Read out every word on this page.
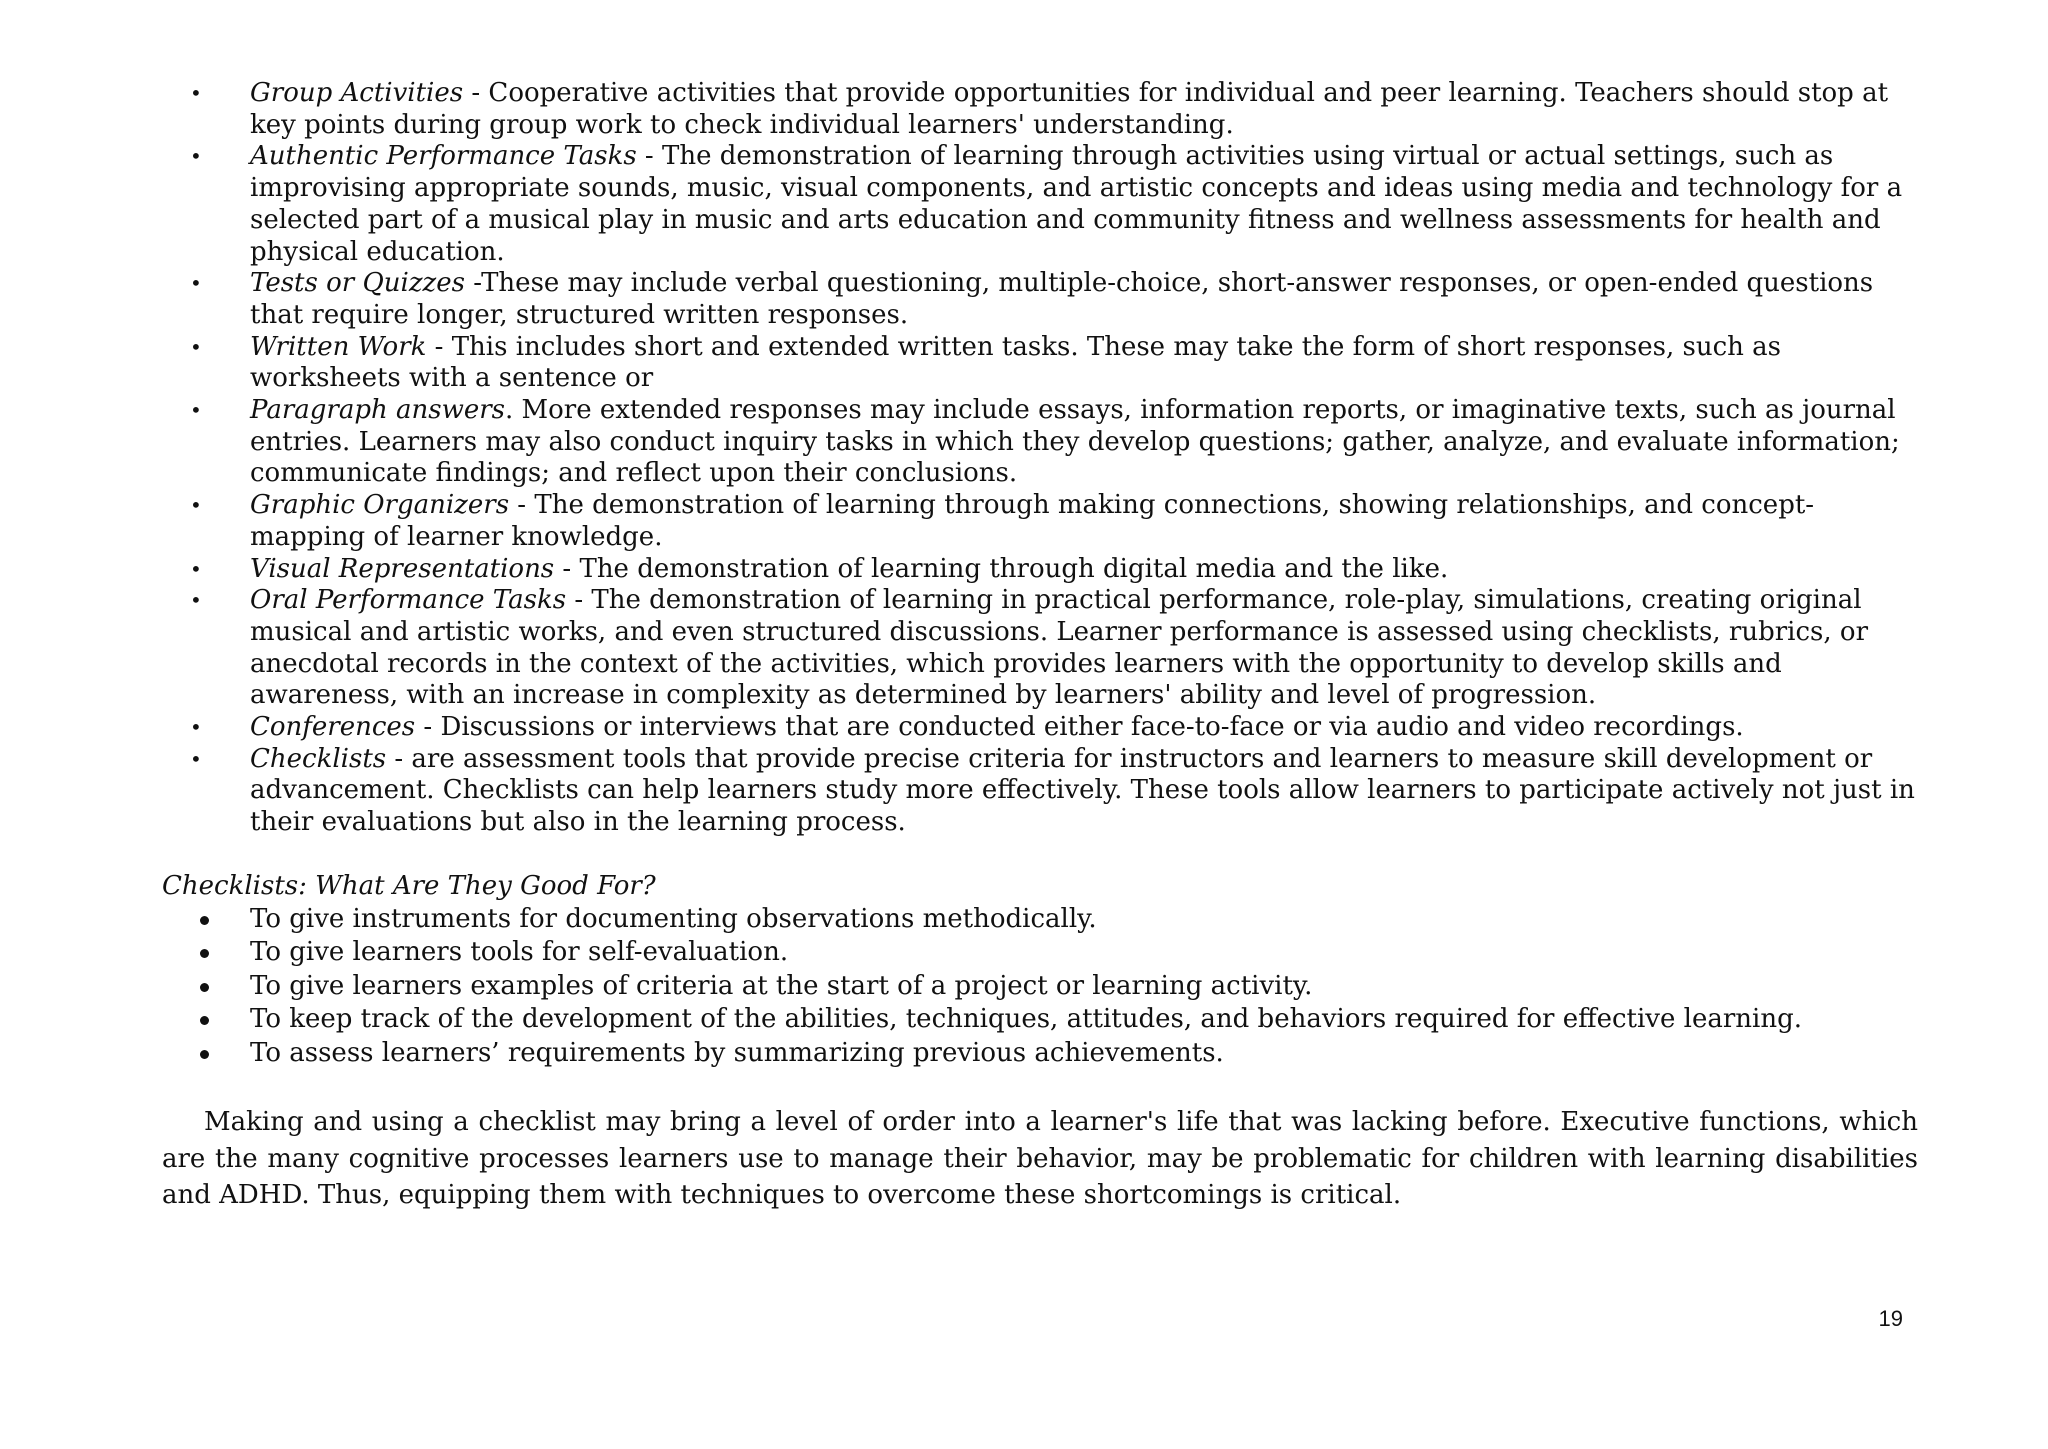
• Group Activities - Cooperative activities that provide opportunities for individual and peer learning. Teachers should stop at key points during group work to check individual learners' understanding.
• Authentic Performance Tasks - The demonstration of learning through activities using virtual or actual settings, such as improvising appropriate sounds, music, visual components, and artistic concepts and ideas using media and technology for a selected part of a musical play in music and arts education and community fitness and wellness assessments for health and physical education.
• Tests or Quizzes -These may include verbal questioning, multiple-choice, short-answer responses, or open-ended questions that require longer, structured written responses.
• Written Work - This includes short and extended written tasks. These may take the form of short responses, such as worksheets with a sentence or
• Paragraph answers. More extended responses may include essays, information reports, or imaginative texts, such as journal entries. Learners may also conduct inquiry tasks in which they develop questions; gather, analyze, and evaluate information; communicate findings; and reflect upon their conclusions.
• Graphic Organizers - The demonstration of learning through making connections, showing relationships, and concept-mapping of learner knowledge.
• Visual Representations - The demonstration of learning through digital media and the like.
• Oral Performance Tasks - The demonstration of learning in practical performance, role-play, simulations, creating original musical and artistic works, and even structured discussions. Learner performance is assessed using checklists, rubrics, or anecdotal records in the context of the activities, which provides learners with the opportunity to develop skills and awareness, with an increase in complexity as determined by learners' ability and level of progression.
• Conferences - Discussions or interviews that are conducted either face-to-face or via audio and video recordings.
• Checklists - are assessment tools that provide precise criteria for instructors and learners to measure skill development or advancement. Checklists can help learners study more effectively. These tools allow learners to participate actively not just in their evaluations but also in the learning process.
Checklists: What Are They Good For?
To give instruments for documenting observations methodically.
To give learners tools for self-evaluation.
To give learners examples of criteria at the start of a project or learning activity.
To keep track of the development of the abilities, techniques, attitudes, and behaviors required for effective learning.
To assess learners’ requirements by summarizing previous achievements.

Making and using a checklist may bring a level of order into a learner's life that was lacking before. Executive functions, which are the many cognitive processes learners use to manage their behavior, may be problematic for children with learning disabilities and ADHD. Thus, equipping them with techniques to overcome these shortcomings is critical.

19
